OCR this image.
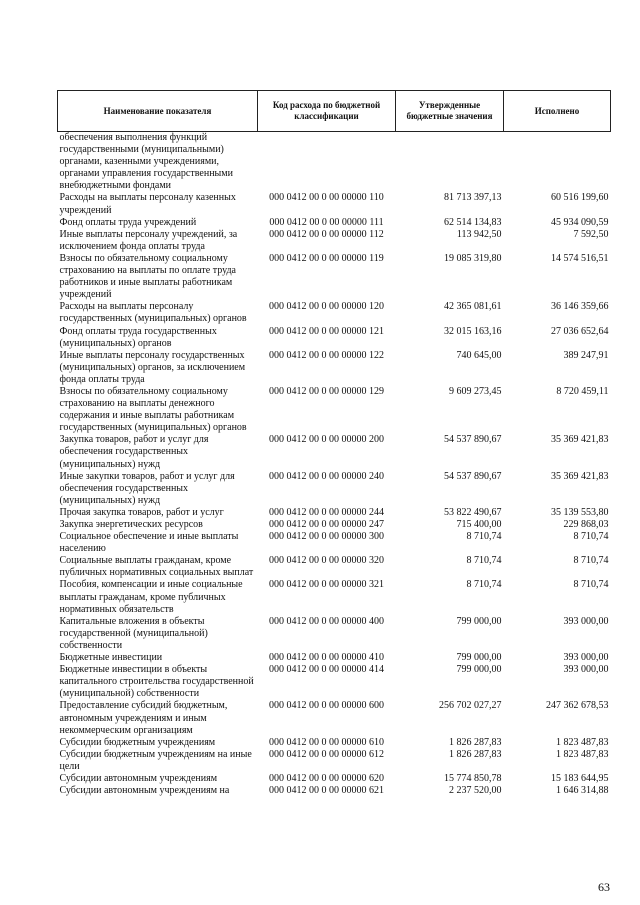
Наименование показателя	Код расхода по бюджетной классификации	Утвержденные бюджетные значения	Исполнено
обеспечения выполнения функций государственными (муниципальными) органами, казенными учреждениями, органами управления государственными внебюджетными фондами			
Расходы на выплаты персоналу казенных учреждений	000 0412 00 0 00 00000 110	81 713 397,13	60 516 199,60
Фонд оплаты труда учреждений	000 0412 00 0 00 00000 111	62 514 134,83	45 934 090,59
Иные выплаты персоналу учреждений, за исключением фонда оплаты труда	000 0412 00 0 00 00000 112	113 942,50	7 592,50
Взносы по обязательному социальному страхованию на выплаты по оплате труда работников и иные выплаты работникам учреждений	000 0412 00 0 00 00000 119	19 085 319,80	14 574 516,51
Расходы на выплаты персоналу государственных (муниципальных) органов	000 0412 00 0 00 00000 120	42 365 081,61	36 146 359,66
Фонд оплаты труда государственных (муниципальных) органов	000 0412 00 0 00 00000 121	32 015 163,16	27 036 652,64
Иные выплаты персоналу государственных (муниципальных) органов, за исключением фонда оплаты труда	000 0412 00 0 00 00000 122	740 645,00	389 247,91
Взносы по обязательному социальному страхованию на выплаты денежного содержания и иные выплаты работникам государственных (муниципальных) органов	000 0412 00 0 00 00000 129	9 609 273,45	8 720 459,11
Закупка товаров, работ и услуг для обеспечения государственных (муниципальных) нужд	000 0412 00 0 00 00000 200	54 537 890,67	35 369 421,83
Иные закупки товаров, работ и услуг для обеспечения государственных (муниципальных) нужд	000 0412 00 0 00 00000 240	54 537 890,67	35 369 421,83
Прочая закупка товаров, работ и услуг	000 0412 00 0 00 00000 244	53 822 490,67	35 139 553,80
Закупка энергетических ресурсов	000 0412 00 0 00 00000 247	715 400,00	229 868,03
Социальное обеспечение и иные выплаты населению	000 0412 00 0 00 00000 300	8 710,74	8 710,74
Социальные выплаты гражданам, кроме публичных нормативных социальных выплат	000 0412 00 0 00 00000 320	8 710,74	8 710,74
Пособия, компенсации и иные социальные выплаты гражданам, кроме публичных нормативных обязательств	000 0412 00 0 00 00000 321	8 710,74	8 710,74
Капитальные вложения в объекты государственной (муниципальной) собственности	000 0412 00 0 00 00000 400	799 000,00	393 000,00
Бюджетные инвестиции	000 0412 00 0 00 00000 410	799 000,00	393 000,00
Бюджетные инвестиции в объекты капитального строительства государственной (муниципальной) собственности	000 0412 00 0 00 00000 414	799 000,00	393 000,00
Предоставление субсидий бюджетным, автономным учреждениям и иным некоммерческим организациям	000 0412 00 0 00 00000 600	256 702 027,27	247 362 678,53
Субсидии бюджетным учреждениям	000 0412 00 0 00 00000 610	1 826 287,83	1 823 487,83
Субсидии бюджетным учреждениям на иные цели	000 0412 00 0 00 00000 612	1 826 287,83	1 823 487,83
Субсидии автономным учреждениям	000 0412 00 0 00 00000 620	15 774 850,78	15 183 644,95
Субсидии автономным учреждениям на	000 0412 00 0 00 00000 621	2 237 520,00	1 646 314,88
63
